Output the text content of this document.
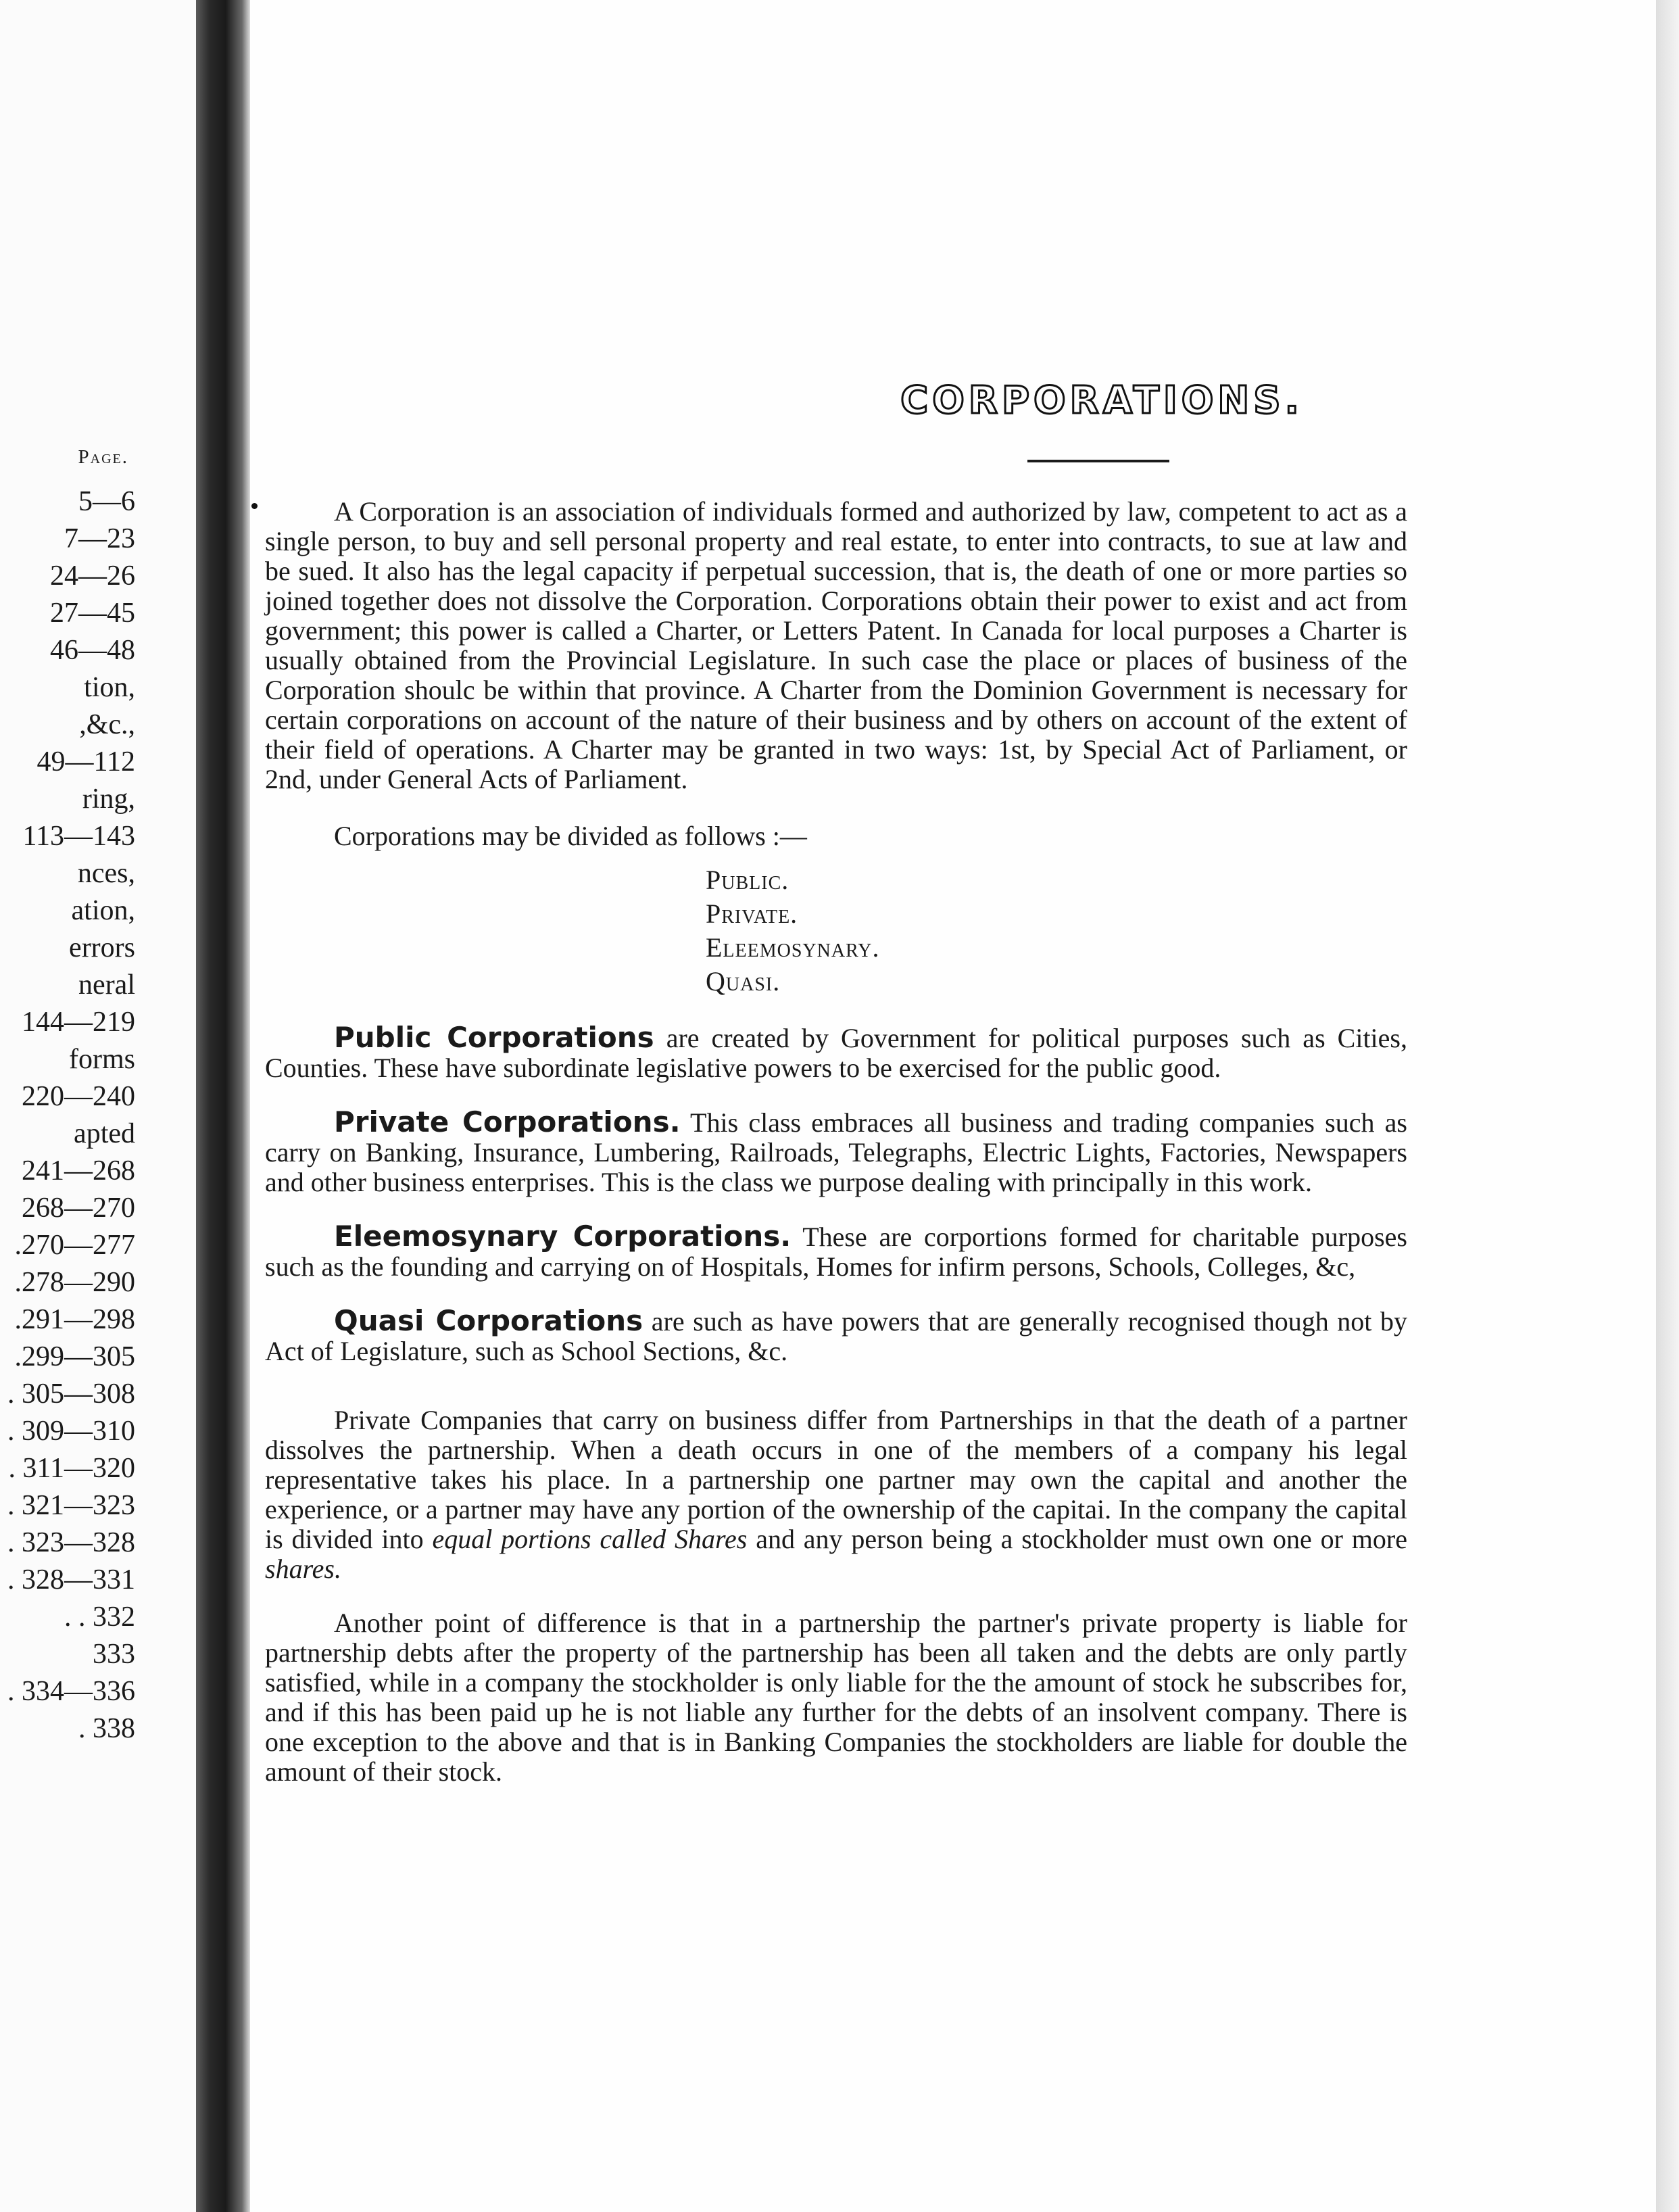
Page.
5—6
7—23
24—26
27—45
46—48
tion,
,&c.,
49—112
ring,
113—143
nces,
ation,
errors
neral
144—219
forms
220—240
apted
241—268
268—270
.270—277
.278—290
.291—298
.299—305
. 305—308
. 309—310
. 311—320
. 321—323
. 323—328
. 328—331
. . 332
333
. 334—336
. 338
CORPORATIONS.

A Corporation is an association of individuals formed and authorized by law, competent to act as a single person, to buy and sell personal property and real estate, to enter into contracts, to sue at law and be sued. It also has the legal capacity if perpetual succession, that is, the death of one or more parties so joined together does not dissolve the Corporation. Corporations obtain their power to exist and act from government; this power is called a Charter, or Letters Patent. In Canada for local purposes a Charter is usually obtained from the Provincial Legislature. In such case the place or places of business of the Corporation shoulc be within that province. A Charter from the Dominion Government is necessary for certain corporations on account of the nature of their business and by others on account of the extent of their field of operations. A Charter may be granted in two ways: 1st, by Special Act of Parliament, or 2nd, under General Acts of Parliament.

Corporations may be divided as follows :—

Public.
Private.
Eleemosynary.
Quasi.

Public Corporations are created by Government for political purposes such as Cities, Counties. These have subordinate legislative powers to be exercised for the public good.

Private Corporations. This class embraces all business and trading companies such as carry on Banking, Insurance, Lumbering, Railroads, Telegraphs, Electric Lights, Factories, Newspapers and other business enterprises. This is the class we purpose dealing with principally in this work.

Eleemosynary Corporations. These are corportions formed for charitable purposes such as the founding and carrying on of Hospitals, Homes for infirm persons, Schools, Colleges, &c,

Quasi Corporations are such as have powers that are generally recognised though not by Act of Legislature, such as School Sections, &c.

Private Companies that carry on business differ from Partnerships in that the death of a partner dissolves the partnership. When a death occurs in one of the members of a company his legal representative takes his place. In a partnership one partner may own the capital and another the experience, or a partner may have any portion of the ownership of the capitai. In the company the capital is divided into equal portions called Shares and any person being a stockholder must own one or more shares.

Another point of difference is that in a partnership the partner's private property is liable for partnership debts after the property of the partnership has been all taken and the debts are only partly satisfied, while in a company the stockholder is only liable for the the amount of stock he subscribes for, and if this has been paid up he is not liable any further for the debts of an insolvent company. There is one exception to the above and that is in Banking Companies the stockholders are liable for double the amount of their stock.
